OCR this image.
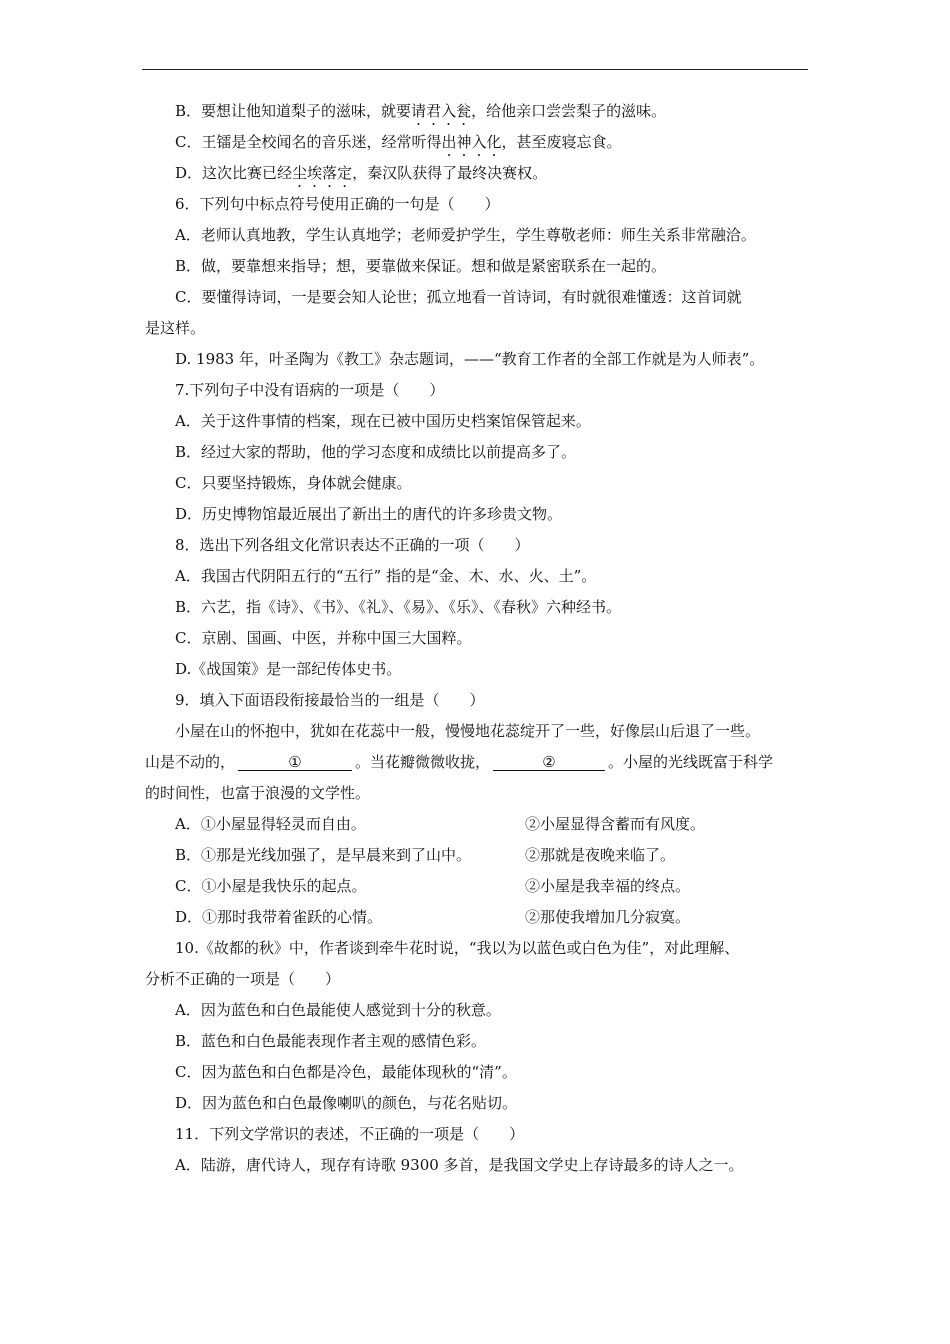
B．要想让他知道梨子的滋味，就要请君入瓮，给他亲口尝尝梨子的滋味。
C．王镭是全校闻名的音乐迷，经常听得出神入化，甚至废寝忘食。
D．这次比赛已经尘埃落定，秦汉队获得了最终决赛权。
6．下列句中标点符号使用正确的一句是（　　）
A．老师认真地教，学生认真地学；老师爱护学生，学生尊敬老师：师生关系非常融洽。
B．做，要靠想来指导；想，要靠做来保证。想和做是紧密联系在一起的。
C．要懂得诗词，一是要会知人论世；孤立地看一首诗词，有时就很难懂透：这首词就
是这样。
D. 1983 年，叶圣陶为《教工》杂志题词，——“教育工作者的全部工作就是为人师表”。
7.下列句子中没有语病的一项是（　　）
A．关于这件事情的档案，现在已被中国历史档案馆保管起来。
B．经过大家的帮助，他的学习态度和成绩比以前提高多了。
C．只要坚持锻炼，身体就会健康。
D．历史博物馆最近展出了新出土的唐代的许多珍贵文物。
8．选出下列各组文化常识表达不正确的一项（　　）
A．我国古代阴阳五行的“五行” 指的是“金、木、水、火、土”。
B．六艺，指《诗》、《书》、《礼》、《易》、《乐》、《春秋》六种经书。
C．京剧、国画、中医，并称中国三大国粹。
D.《战国策》是一部纪传体史书。
9．填入下面语段衔接最恰当的一组是（　　）
小屋在山的怀抱中，犹如在花蕊中一般，慢慢地花蕊绽开了一些，好像层山后退了一些。
山是不动的，	①	。当花瓣微微收拢，	②	。小屋的光线既富于科学
的时间性，也富于浪漫的文学性。
A．①小屋显得轻灵而自由。	②小屋显得含蓄而有风度。
B．①那是光线加强了，是早晨来到了山中。	②那就是夜晚来临了。
C．①小屋是我快乐的起点。	②小屋是我幸福的终点。
D．①那时我带着雀跃的心情。	②那使我增加几分寂寞。
10.《故都的秋》中，作者谈到牵牛花时说，“我以为以蓝色或白色为佳”，对此理解、
分析不正确的一项是（　　）
A．因为蓝色和白色最能使人感觉到十分的秋意。
B．蓝色和白色最能表现作者主观的感情色彩。
C．因为蓝色和白色都是冷色，最能体现秋的“清”。
D．因为蓝色和白色最像喇叭的颜色，与花名贴切。
11．下列文学常识的表述，不正确的一项是（　　）
A．陆游，唐代诗人，现存有诗歌 9300 多首，是我国文学史上存诗最多的诗人之一。
